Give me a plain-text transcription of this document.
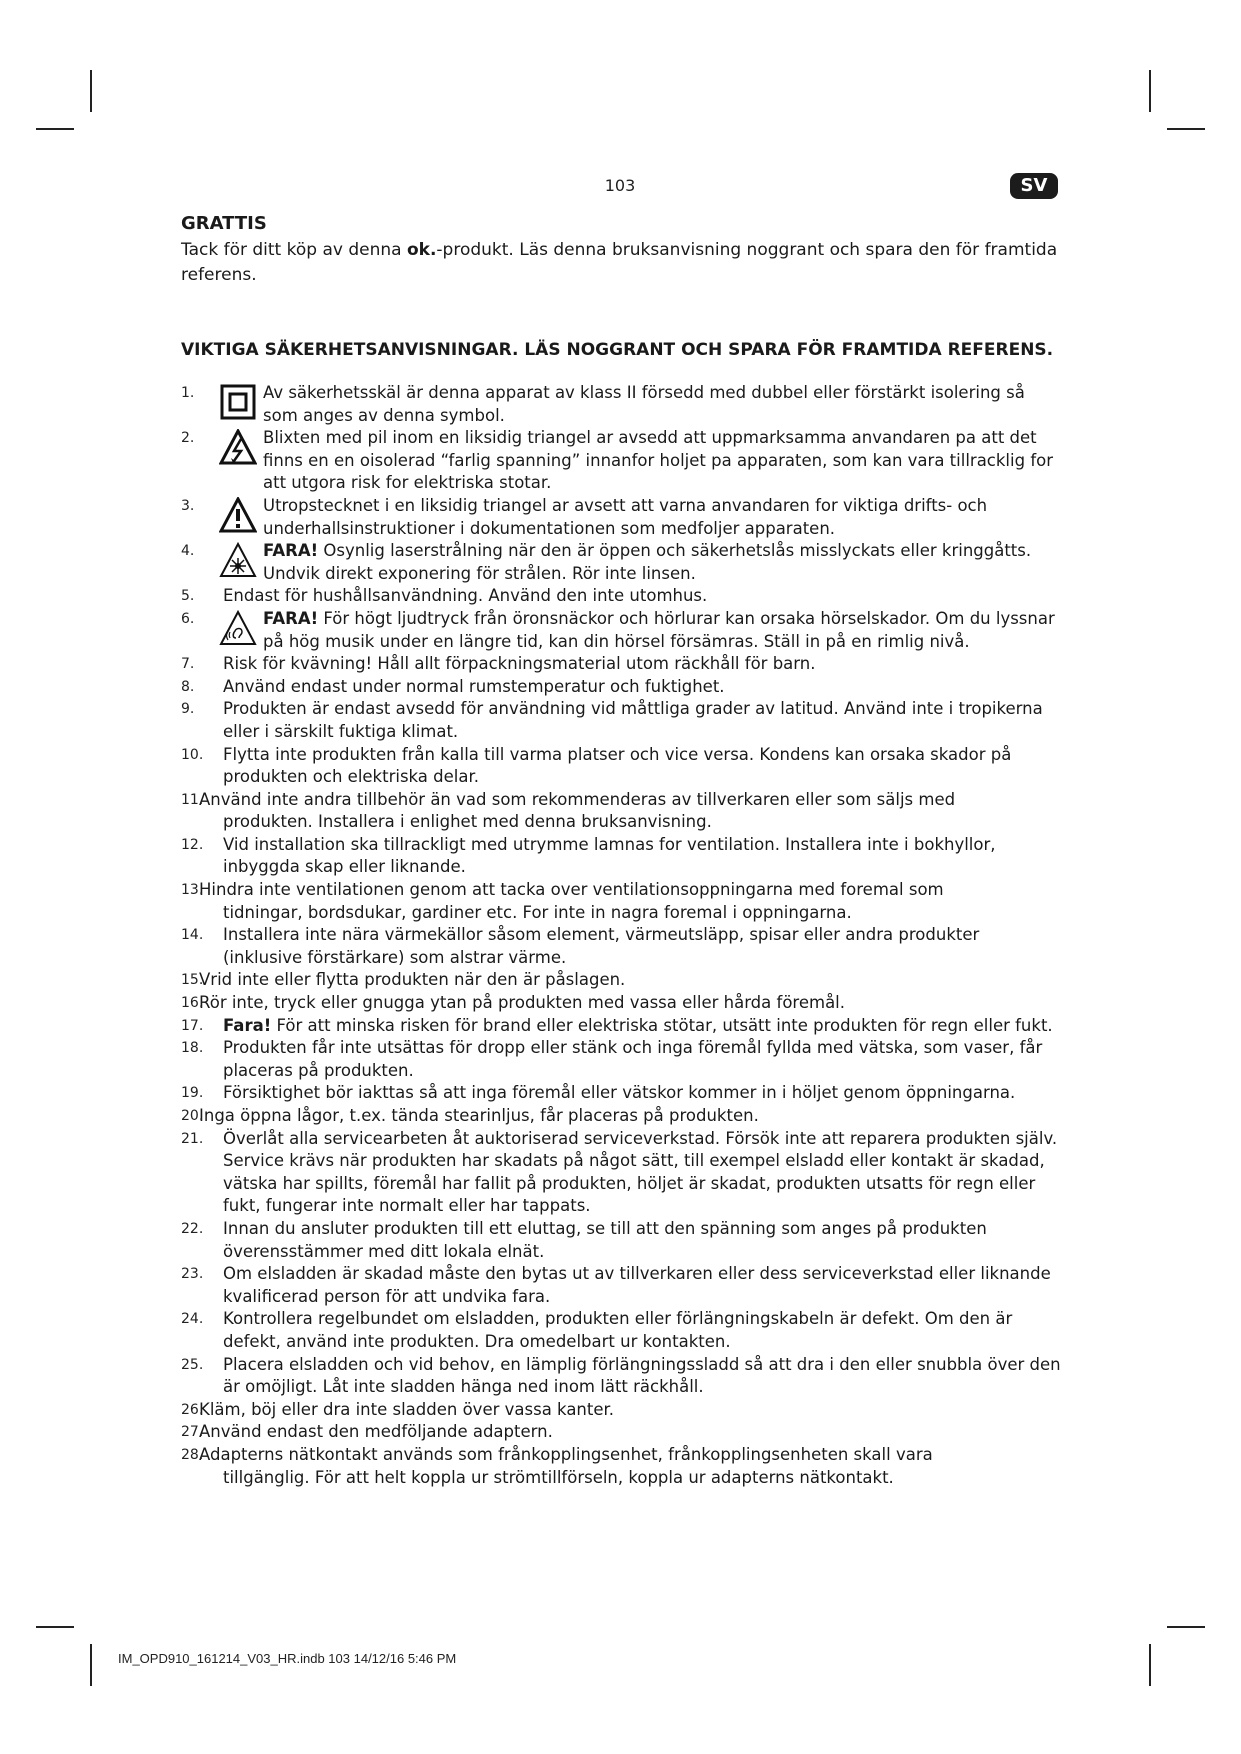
103	SV
GRATTIS

Tack för ditt köp av denna ok.-produkt. Läs denna bruksanvisning noggrant och spara den för framtida referens.

VIKTIGA SÄKERHETSANVISNINGAR. LÄS NOGGRANT OCH SPARA FÖR FRAMTIDA REFERENS.
1.	Av säkerhetsskäl är denna apparat av klass II försedd med dubbel eller förstärkt isolering så som anges av denna symbol.
2.	Blixten med pil inom en liksidig triangel ar avsedd att uppmarksamma anvandaren pa att det finns en en oisolerad “farlig spanning” innanfor holjet pa apparaten, som kan vara tillracklig for att utgora risk for elektriska stotar.
3.	Utropstecknet i en liksidig triangel ar avsett att varna anvandaren for viktiga drifts- och underhallsinstruktioner i dokumentationen som medfoljer apparaten.
4.	FARA! Osynlig laserstrålning när den är öppen och säkerhetslås misslyckats eller kringgåtts. Undvik direkt exponering för strålen. Rör inte linsen.
5.	Endast för hushållsanvändning. Använd den inte utomhus.
6.	FARA! För högt ljudtryck från öronsnäckor och hörlurar kan orsaka hörselskador. Om du lyssnar på hög musik under en längre tid, kan din hörsel försämras. Ställ in på en rimlig nivå.
7.	Risk för kvävning! Håll allt förpackningsmaterial utom räckhåll för barn.
8.	Använd endast under normal rumstemperatur och fuktighet.
9.	Produkten är endast avsedd för användning vid måttliga grader av latitud. Använd inte i tropikerna eller i särskilt fuktiga klimat.
10.	Flytta inte produkten från kalla till varma platser och vice versa. Kondens kan orsaka skador på produkten och elektriska delar.
11.
Använd inte andra tillbehör än vad som rekommenderas av tillverkaren eller som säljs med
produkten. Installera i enlighet med denna bruksanvisning.
12.	Vid installation ska tillrackligt med utrymme lamnas for ventilation. Installera inte i bokhyllor, inbyggda skap eller liknande.
13.
Hindra inte ventilationen genom att tacka over ventilationsoppningarna med foremal som
tidningar, bordsdukar, gardiner etc. For inte in nagra foremal i oppningarna.
14.	Installera inte nära värmekällor såsom element, värmeutsläpp, spisar eller andra produkter (inklusive förstärkare) som alstrar värme.
15.
Vrid inte eller flytta produkten när den är påslagen.
16.
Rör inte, tryck eller gnugga ytan på produkten med vassa eller hårda föremål.
17.	Fara! För att minska risken för brand eller elektriska stötar, utsätt inte produkten för regn eller fukt.
18.	Produkten får inte utsättas för dropp eller stänk och inga föremål fyllda med vätska, som vaser, får placeras på produkten.
19.	Försiktighet bör iakttas så att inga föremål eller vätskor kommer in i höljet genom öppningarna.
20.
Inga öppna lågor, t.ex. tända stearinljus, får placeras på produkten.
21.	Överlåt alla servicearbeten åt auktoriserad serviceverkstad. Försök inte att reparera produkten själv. Service krävs när produkten har skadats på något sätt, till exempel elsladd eller kontakt är skadad, vätska har spillts, föremål har fallit på produkten, höljet är skadat, produkten utsatts för regn eller fukt, fungerar inte normalt eller har tappats.
22.	Innan du ansluter produkten till ett eluttag, se till att den spänning som anges på produkten överensstämmer med ditt lokala elnät.
23.	Om elsladden är skadad måste den bytas ut av tillverkaren eller dess serviceverkstad eller liknande kvalificerad person för att undvika fara.
24.	Kontrollera regelbundet om elsladden, produkten eller förlängningskabeln är defekt. Om den är defekt, använd inte produkten. Dra omedelbart ur kontakten.
25.	Placera elsladden och vid behov, en lämplig förlängningssladd så att dra i den eller snubbla över den är omöjligt. Låt inte sladden hänga ned inom lätt räckhåll.
26.
Kläm, böj eller dra inte sladden över vassa kanter.
27.
Använd endast den medföljande adaptern.
28.
Adapterns nätkontakt används som frånkopplingsenhet, frånkopplingsenheten skall vara
tillgänglig. För att helt koppla ur strömtillförseln, koppla ur adapterns nätkontakt.
IM_OPD910_161214_V03_HR.indb 103 14/12/16 5:46 PM
